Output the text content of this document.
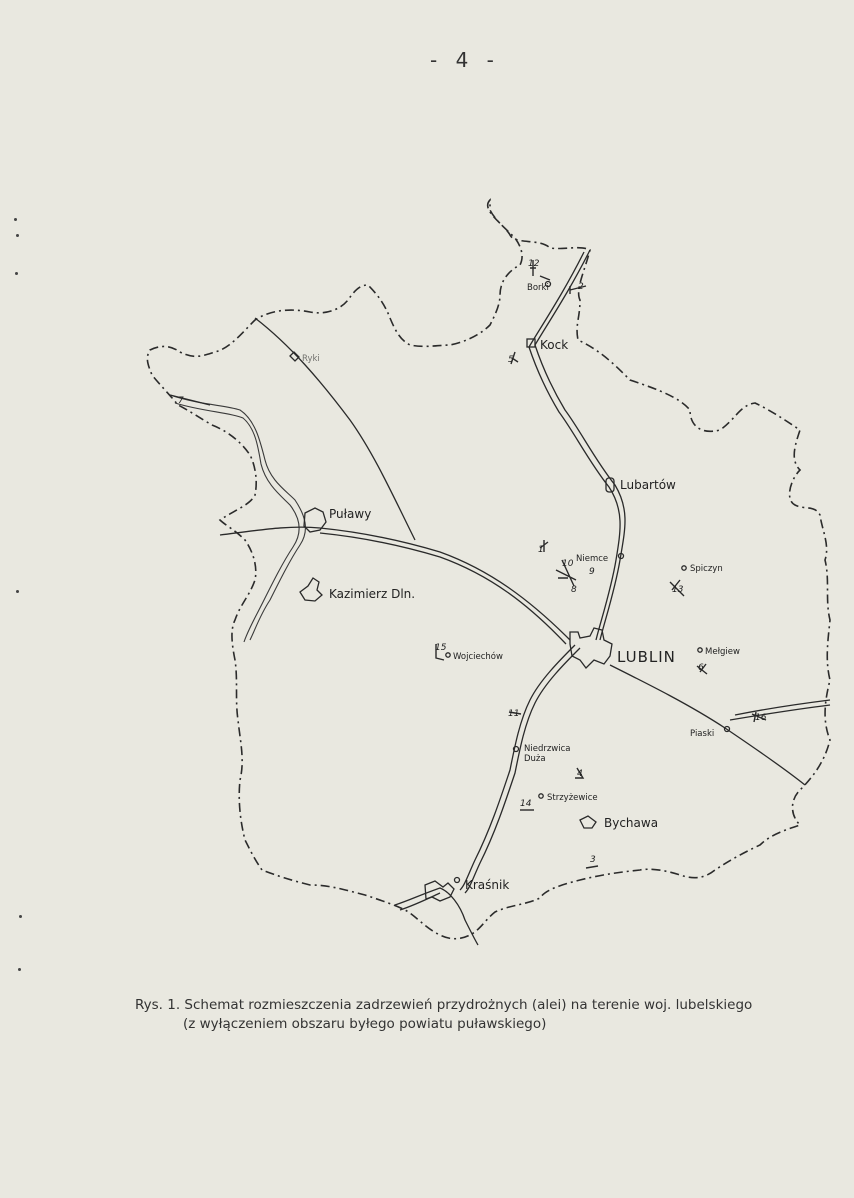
- 4 -
Borki
Kock
Ryki
Puławy
Kazimierz Dln.
Lubartów
Niemce
Spiczyn
LUBLIN	Mełgiew
Wojciechów
Piaski
Niedrzwica
Duża
Strzyżewice
Bychawa
Kraśnik
1
2
3
4
5
6
7
8
9
10
11
12
13
14
15
16
Rys. 1. Schemat rozmieszczenia zadrzewień przydrożnych (alei) na terenie woj. lubelskiego
(z wyłączeniem obszaru byłego powiatu puławskiego)
